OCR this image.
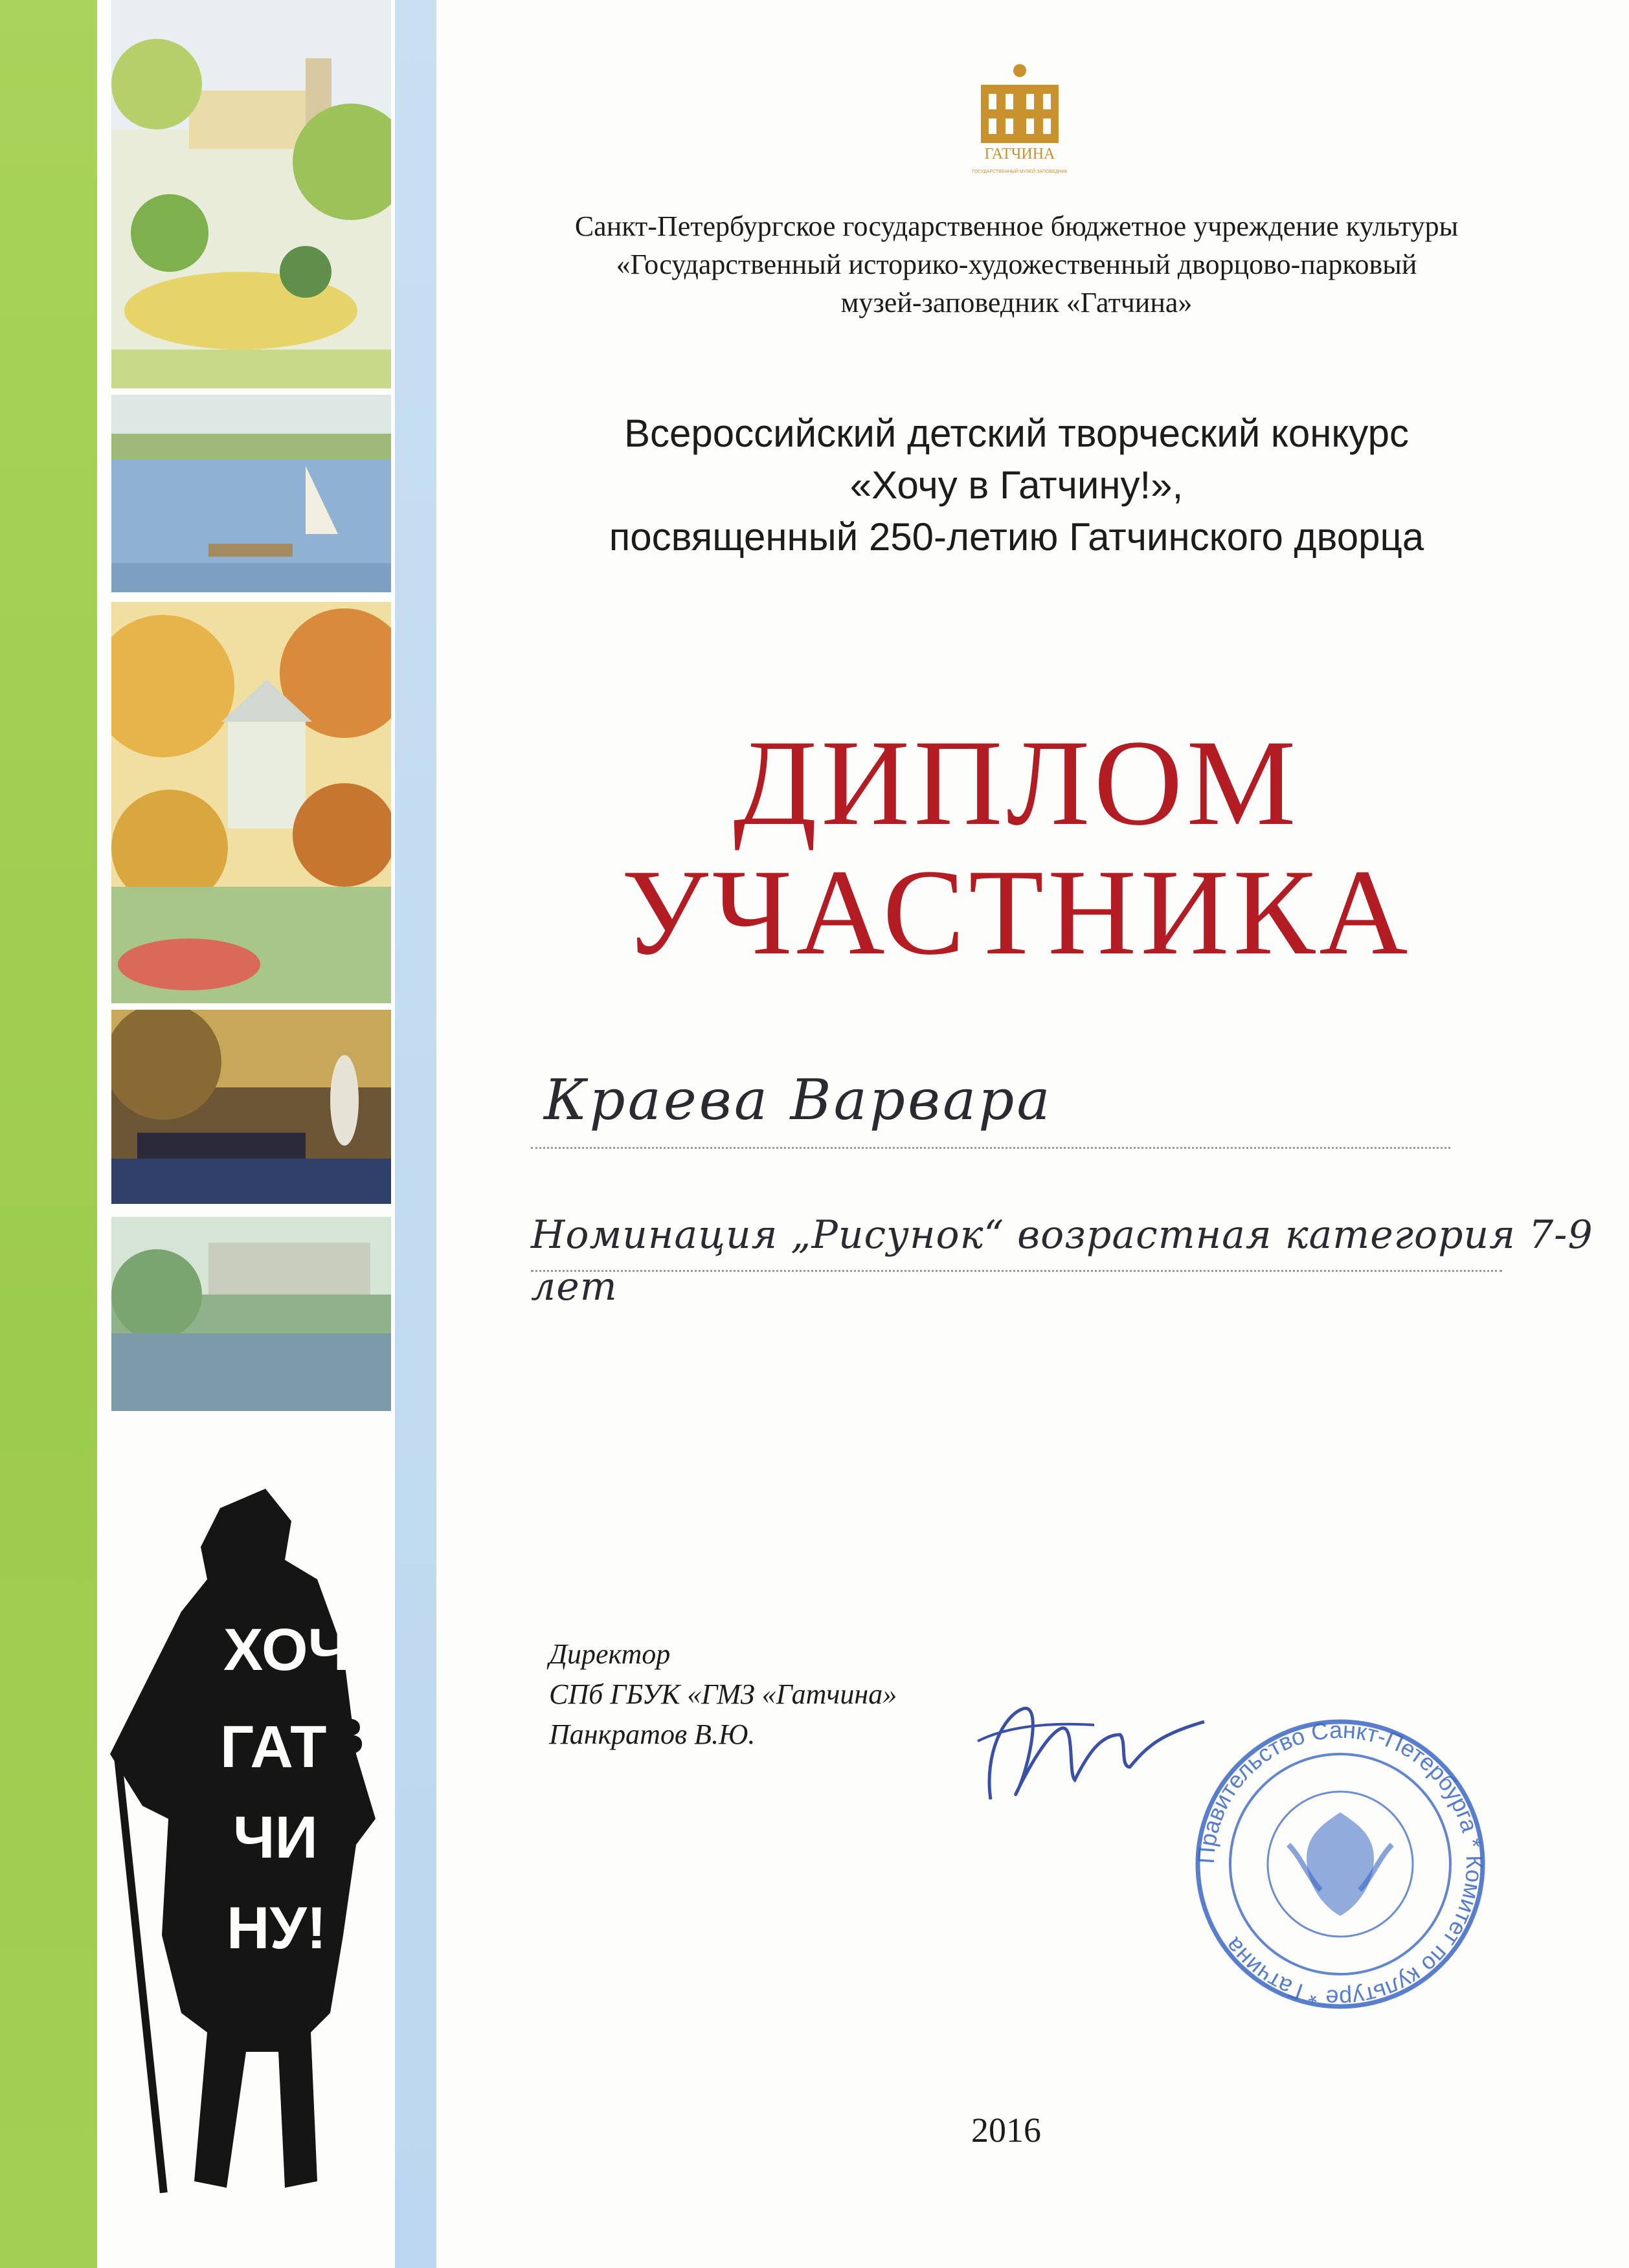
ХОЧУ
В
ГАТ
ЧИ
НУ!
ГАТЧИНА
ГОСУДАРСТВЕННЫЙ МУЗЕЙ-ЗАПОВЕДНИК
Санкт-Петербургское государственное бюджетное учреждение культуры
«Государственный историко-художественный дворцово-парковый
музей-заповедник «Гатчина»
Всероссийский детский творческий конкурс
«Хочу в Гатчину!»,
посвященный 250-летию Гатчинского дворца
ДИПЛОМ
УЧАСТНИКА
Краева Варвара
Номинация „Рисунок“ возрастная категория 7-9 лет
Директор
СПб ГБУК «ГМЗ «Гатчина»
Панкратов В.Ю.
Правительство Санкт-Петербурга * Комитет по культуре * Гатчина
2016
